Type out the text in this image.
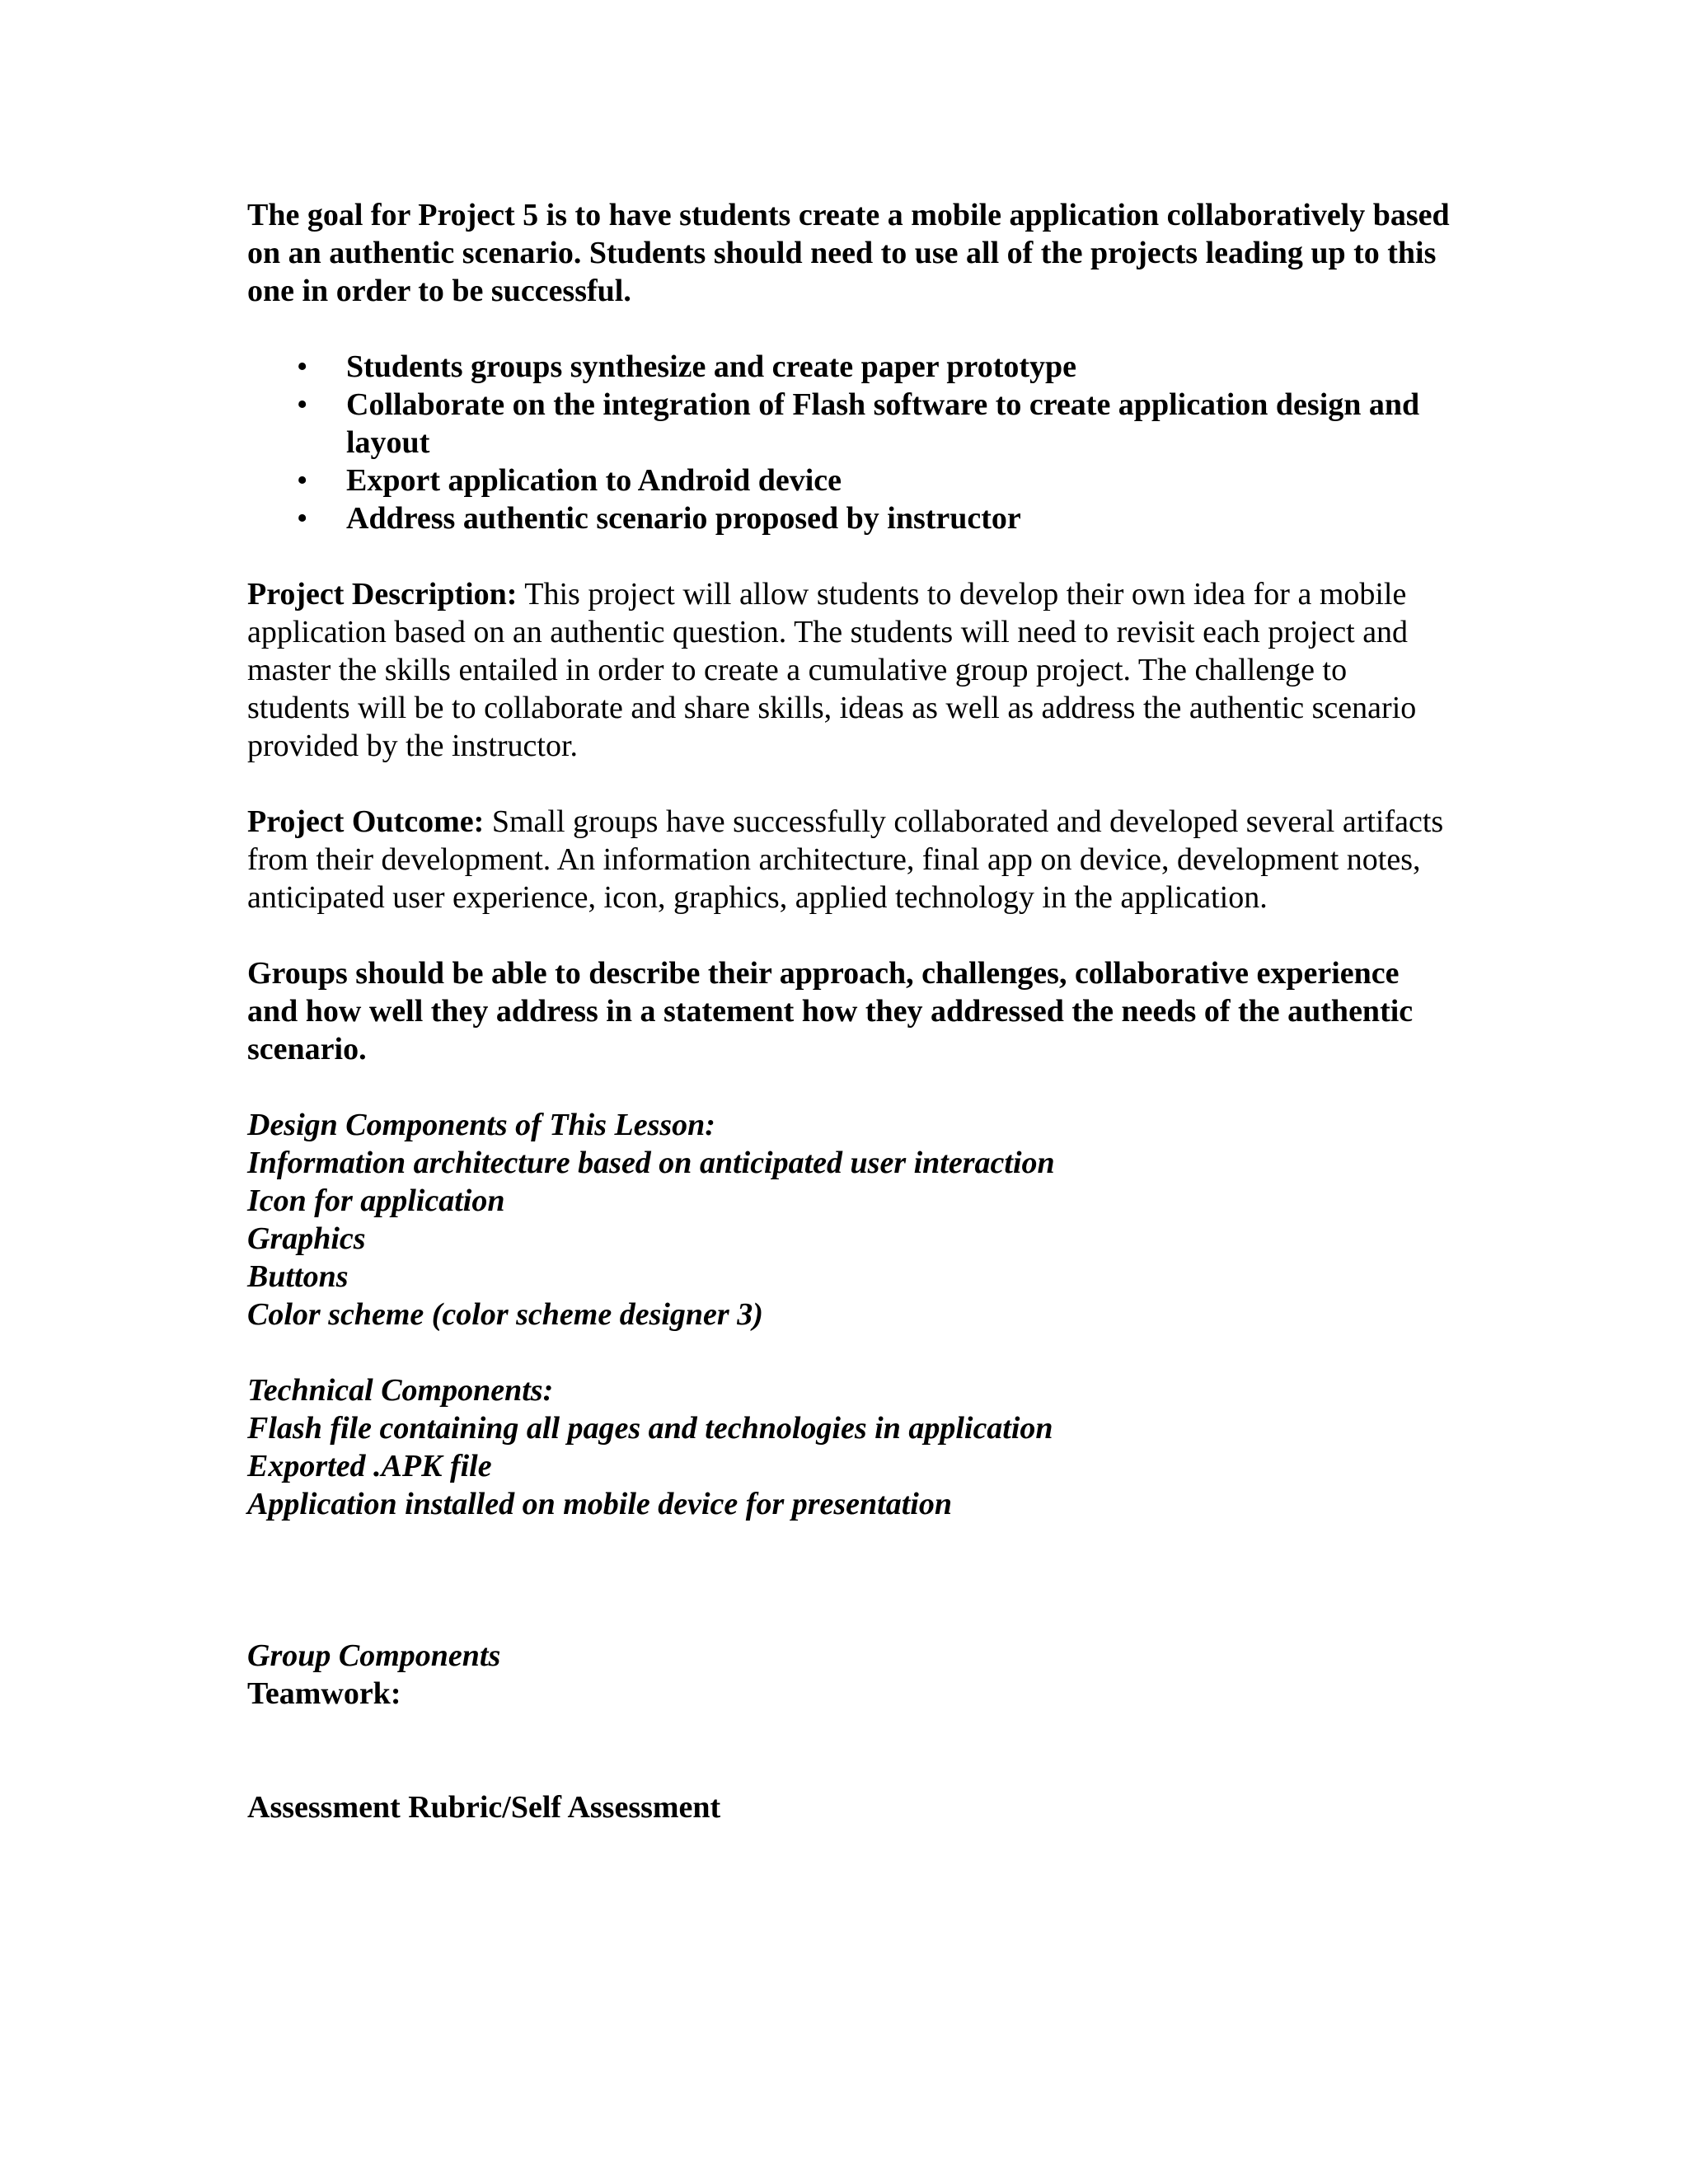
The goal for Project 5 is to have students create a mobile application collaboratively based on an authentic scenario. Students should need to use all of the projects leading up to this one in order to be successful.

• Students groups synthesize and create paper prototype
• Collaborate on the integration of Flash software to create application design and layout
• Export application to Android device
• Address authentic scenario proposed by instructor

Project Description: This project will allow students to develop their own idea for a mobile application based on an authentic question. The students will need to revisit each project and master the skills entailed in order to create a cumulative group project. The challenge to students will be to collaborate and share skills, ideas as well as address the authentic scenario provided by the instructor.

Project Outcome: Small groups have successfully collaborated and developed several artifacts from their development. An information architecture, final app on device, development notes, anticipated user experience, icon, graphics, applied technology in the application.

Groups should be able to describe their approach, challenges, collaborative experience and how well they address in a statement how they addressed the needs of the authentic scenario.

Design Components of This Lesson:

Information architecture based on anticipated user interaction

Icon for application

Graphics

Buttons

Color scheme (color scheme designer 3)

Technical Components:

Flash file containing all pages and technologies in application

Exported .APK file

Application installed on mobile device for presentation

Group Components

Teamwork:

Assessment Rubric/Self Assessment
